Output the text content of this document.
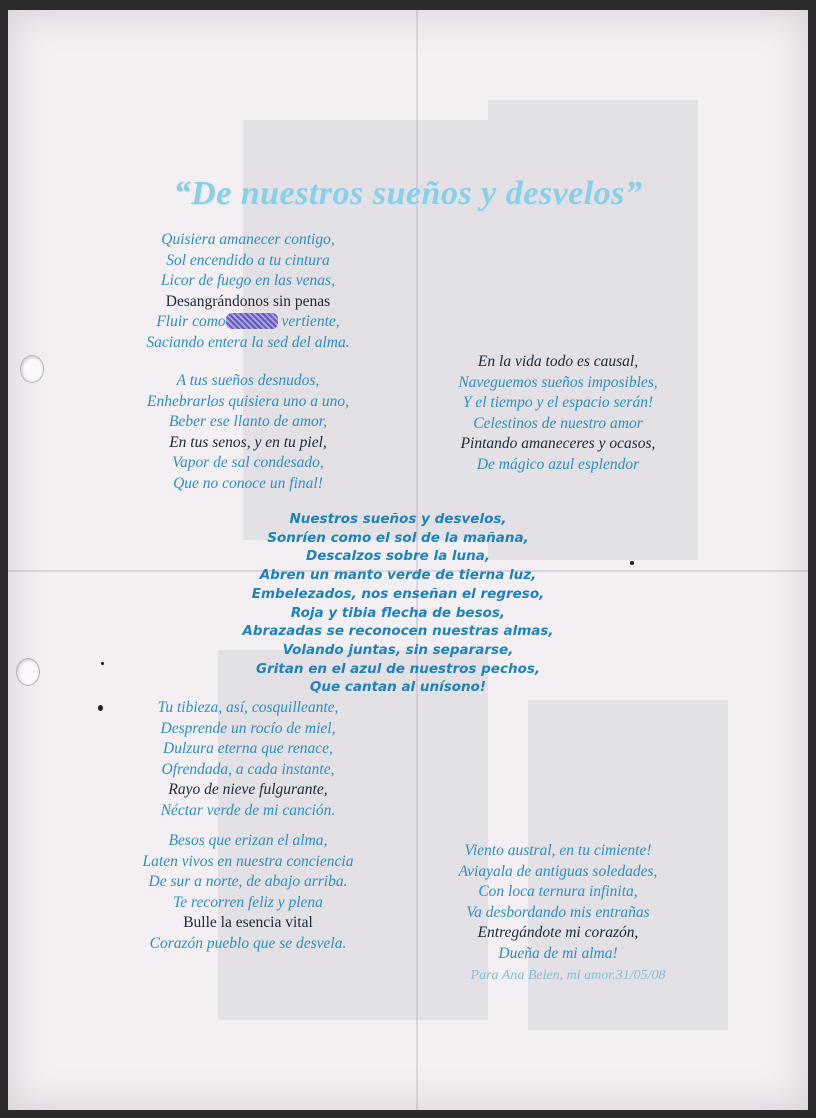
“De nuestros sueños y desvelos”
Quisiera amanecer contigo,
Sol encendido a tu cintura
Licor de fuego en las venas,
Desangrándonos sin penas
Fluir como	vertiente,
Saciando entera la sed del alma.
A tus sueños desnudos,
Enhebrarlos quisiera uno a uno,
Beber ese llanto de amor,
En tus senos, y en tu piel,
Vapor de sal condesado,
Que no conoce un final!
En la vida todo es causal,
Naveguemos sueños imposibles,
Y el tiempo y el espacio serán!
Celestinos de nuestro amor
Pintando amaneceres y ocasos,
De mágico azul esplendor
Nuestros sueños y desvelos,
Sonríen como el sol de la mañana,
Descalzos sobre la luna,
Abren un manto verde de tierna luz,
Embelezados, nos enseñan el regreso,
Roja y tibia flecha de besos,
Abrazadas se reconocen nuestras almas,
Volando juntas, sin separarse,
Gritan en el azul de nuestros pechos,
Que cantan al unísono!
Tu tibieza, así, cosquilleante,
Desprende un rocío de miel,
Dulzura eterna que renace,
Ofrendada, a cada instante,
Rayo de nieve fulgurante,
Néctar verde de mi canción.
Besos que erizan el alma,
Laten vivos en nuestra conciencia
De sur a norte, de abajo arriba.
Te recorren feliz y plena
Bulle la esencia vital
Corazón pueblo que se desvela.
Viento austral, en tu cimiente!
Aviayala de antiguas soledades,
Con loca ternura infinita,
Va desbordando mis entrañas
Entregándote mi corazón,
Dueña de mi alma!
Para Ana Belen, mi amor.31/05/08
